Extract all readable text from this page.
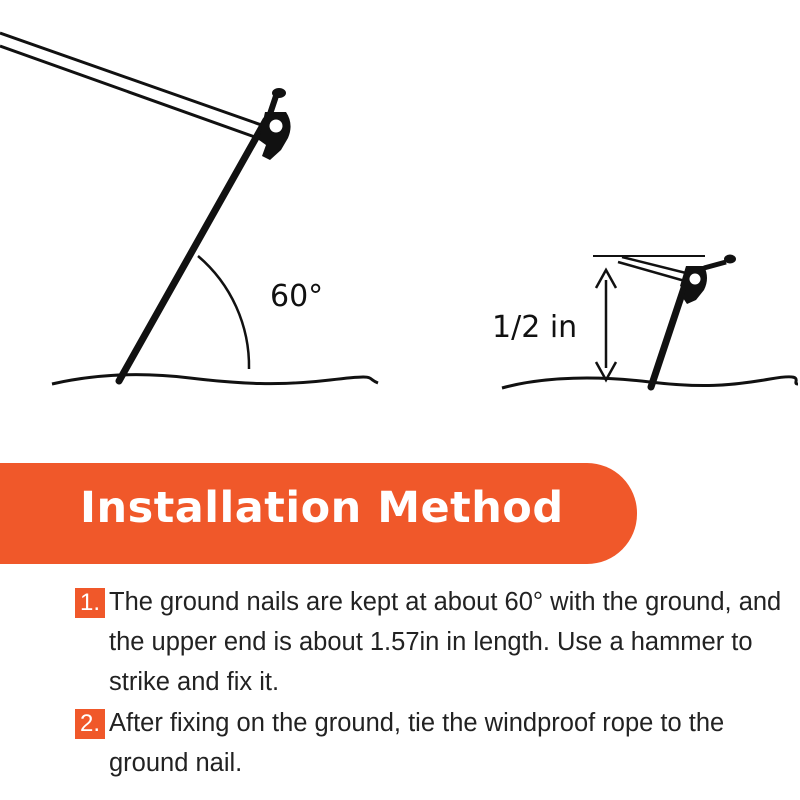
60°
1/2 in
Installation Method
1. The ground nails are kept at about 60° with the ground, and the upper end is about 1.57in in length. Use a hammer to strike and fix it.
2. After fixing on the ground, tie the windproof rope to the ground nail.
